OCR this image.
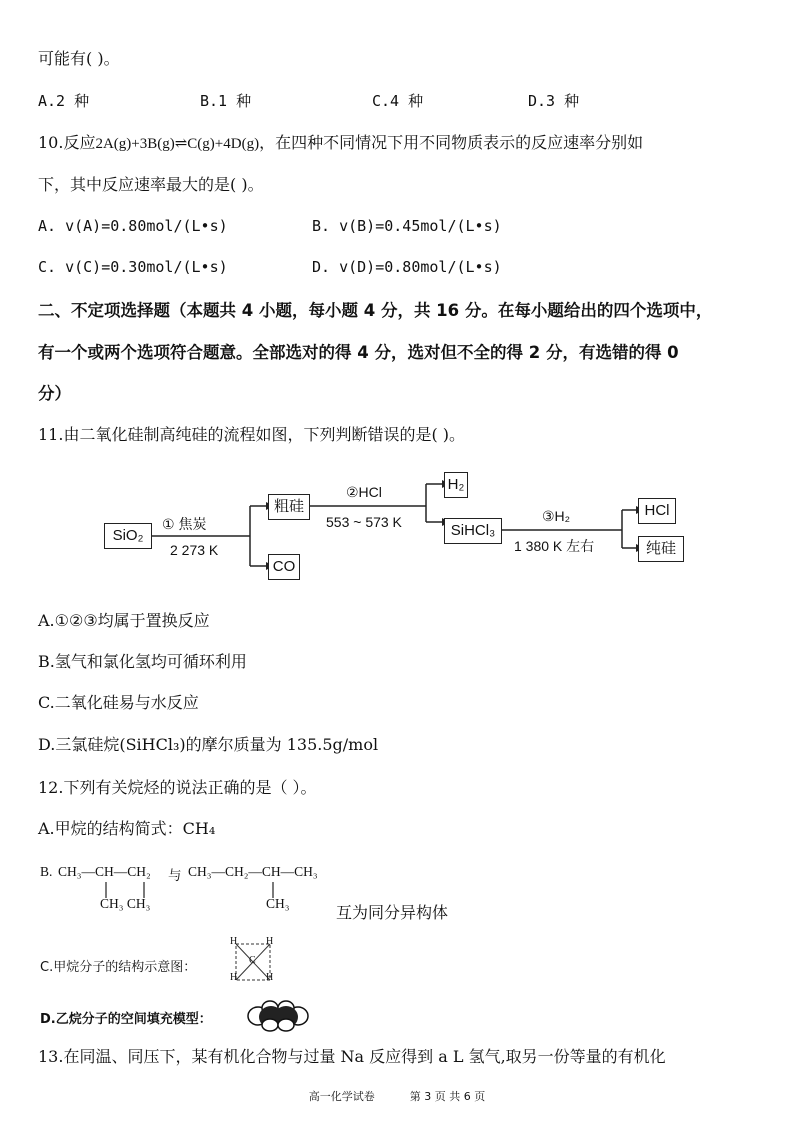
可能有( )。
A.2 种	B.1 种	C.4 种	D.3 种
10.反应2A(g)+3B(g)⇌C(g)+4D(g)，在四种不同情况下用不同物质表示的反应速率分别如
下，其中反应速率最大的是( )。
A. v(A)=0.80mol/(L•s)	B. v(B)=0.45mol/(L•s)
C. v(C)=0.30mol/(L•s)	D. v(D)=0.80mol/(L•s)
二、不定项选择题（本题共 4 小题，每小题 4 分，共 16 分。在每小题给出的四个选项中，
有一个或两个选项符合题意。全部选对的得 4 分，选对但不全的得 2 分，有选错的得 0
分）
11.由二氧化硅制高纯硅的流程如图，下列判断错误的是( )。
SiO₂
① 焦炭
2 273 K
粗硅
CO
②HCl
553 ~ 573 K
H₂
SiHCl₃
③H₂
1 380 K 左右
HCl
纯硅
A.①②③均属于置换反应
B.氢气和氯化氢均可循环利用
C.二氧化硅易与水反应
D.三氯硅烷(SiHCl₃)的摩尔质量为 135.5g/mol
12.下列有关烷烃的说法正确的是（ ）。
A.甲烷的结构简式：CH₄
B. CH₃—CH—CH₂
CH₃ CH₃
与 CH₃—CH₂—CH—CH₃
CH₃	互为同分异构体
C.甲烷分子的结构示意图：
H	H
H	H
C
D.乙烷分子的空间填充模型：
13.在同温、同压下，某有机化合物与过量 Na 反应得到 a L 氢气,取另一份等量的有机化
高一化学试卷	第 3 页 共 6 页
